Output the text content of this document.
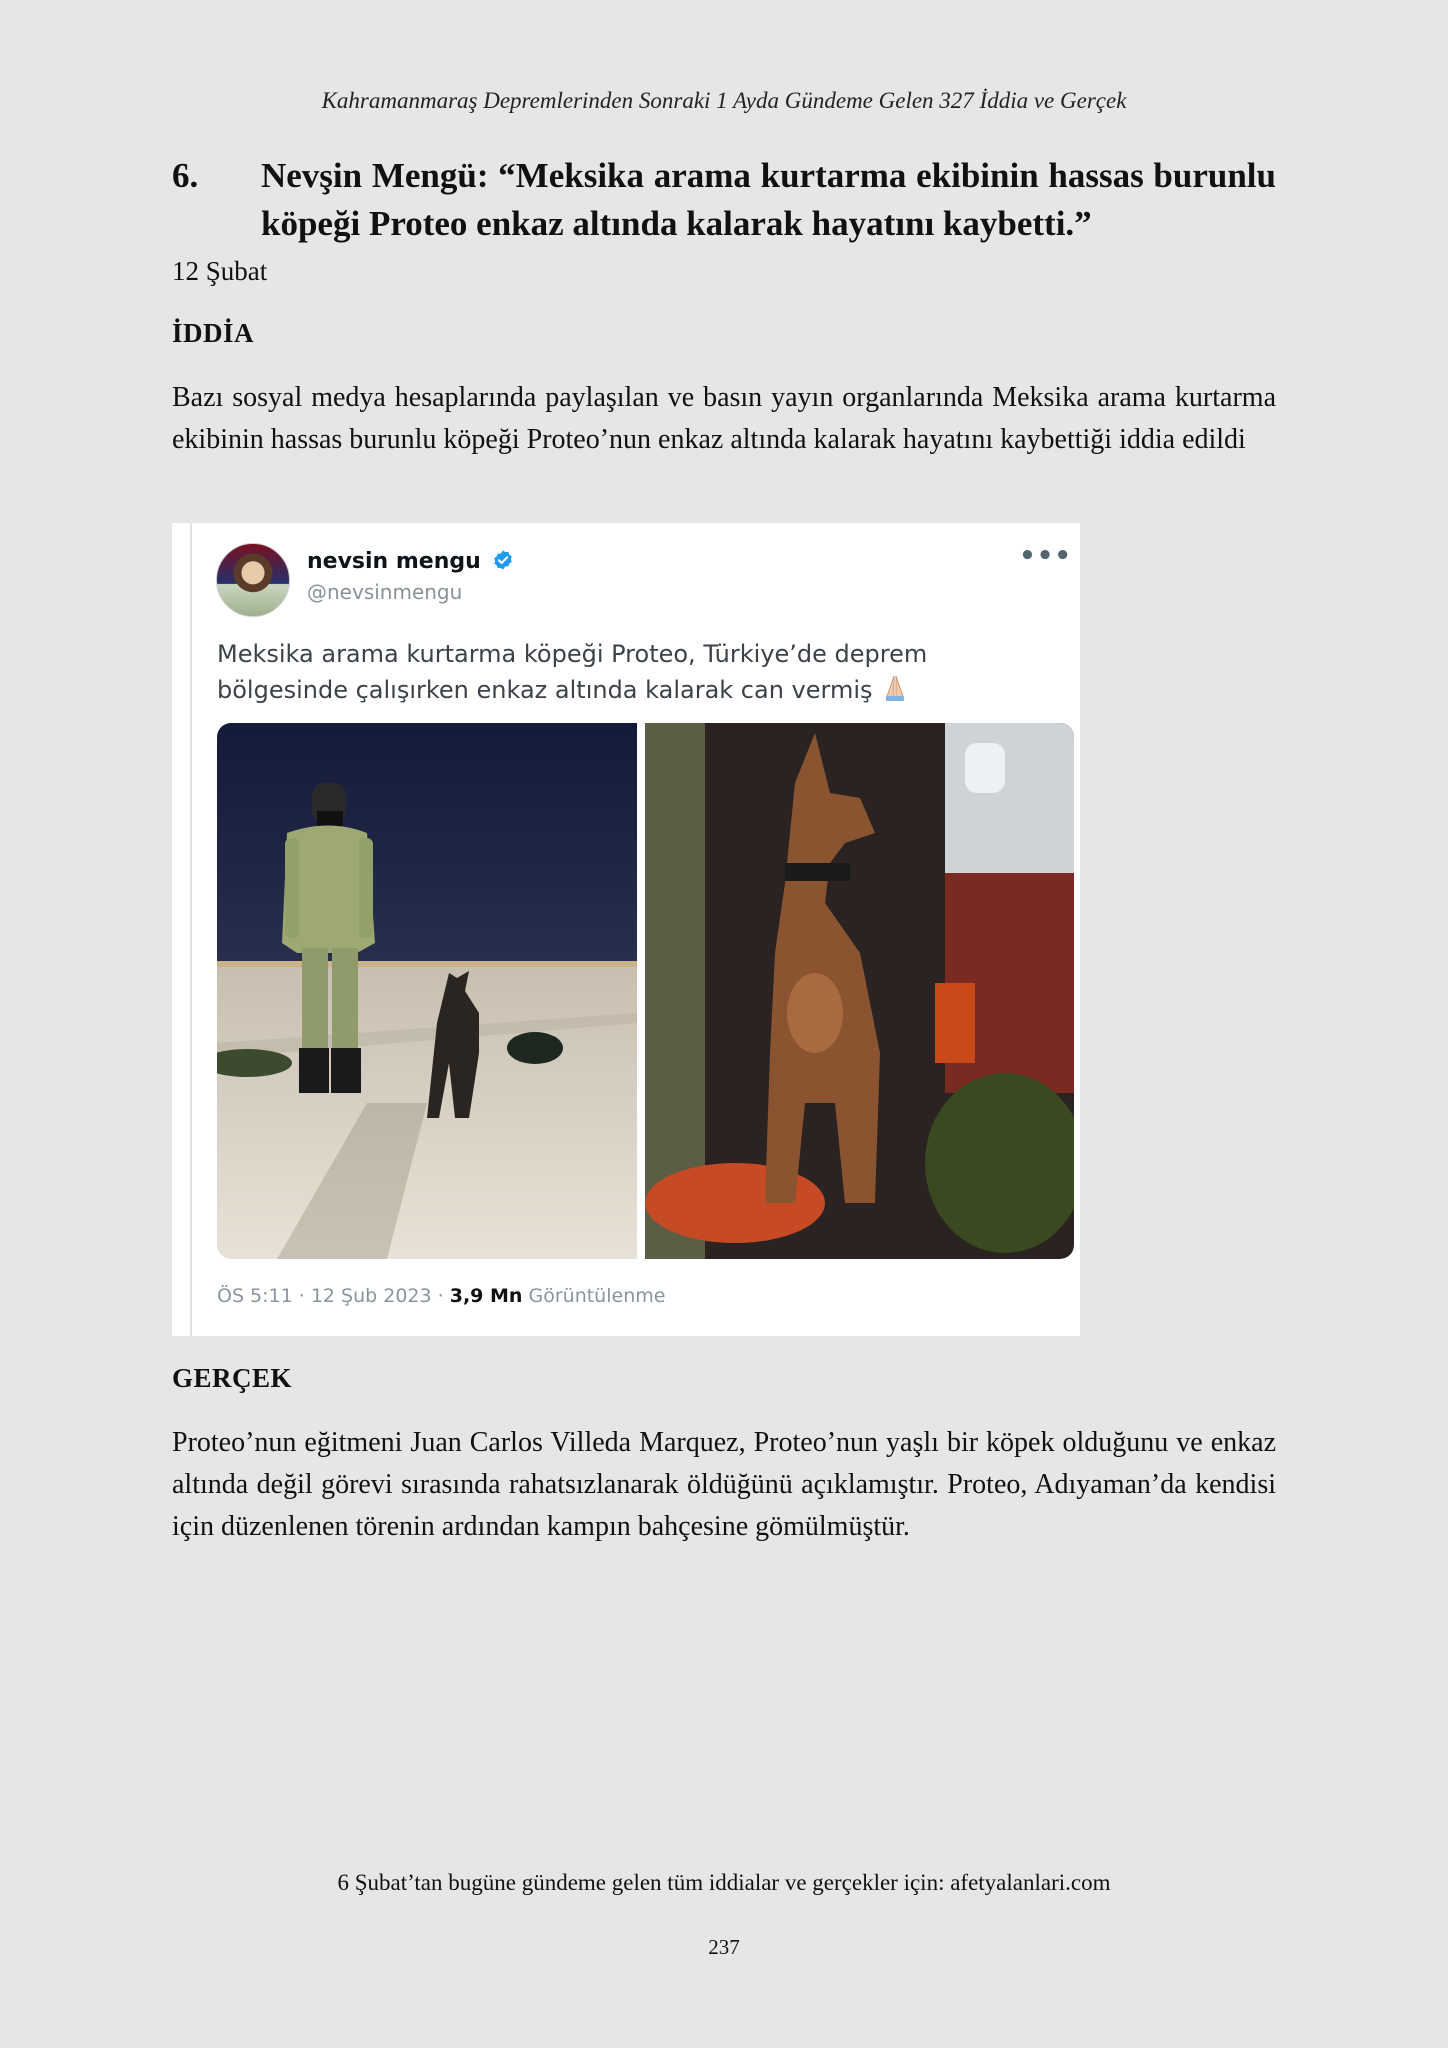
Kahramanmaraş Depremlerinden Sonraki 1 Ayda Gündeme Gelen 327 İddia ve Gerçek
6. Nevşin Mengü: “Meksika arama kurtarma ekibinin hassas burunlu köpeği Proteo enkaz altında kalarak hayatını kaybetti.”
12 Şubat
İDDİA
Bazı sosyal medya hesaplarında paylaşılan ve basın yayın organlarında Meksika arama kurtarma ekibinin hassas burunlu köpeği Proteo’nun enkaz altında kalarak hayatını kaybettiği iddia edildi
nevsin mengu
@nevsinmengu
•••
Meksika arama kurtarma köpeği Proteo, Türkiye’de deprem bölgesinde çalışırken enkaz altında kalarak can vermiş
ÖS 5:11 · 12 Şub 2023 · 3,9 Mn Görüntülenme
GERÇEK
Proteo’nun eğitmeni Juan Carlos Villeda Marquez, Proteo’nun yaşlı bir köpek olduğunu ve enkaz altında değil görevi sırasında rahatsızlanarak öldüğünü açıklamıştır. Proteo, Adıyaman’da kendisi için düzenlenen törenin ardından kampın bahçesine gömülmüştür.
6 Şubat’tan bugüne gündeme gelen tüm iddialar ve gerçekler için: afetyalanlari.com
237
